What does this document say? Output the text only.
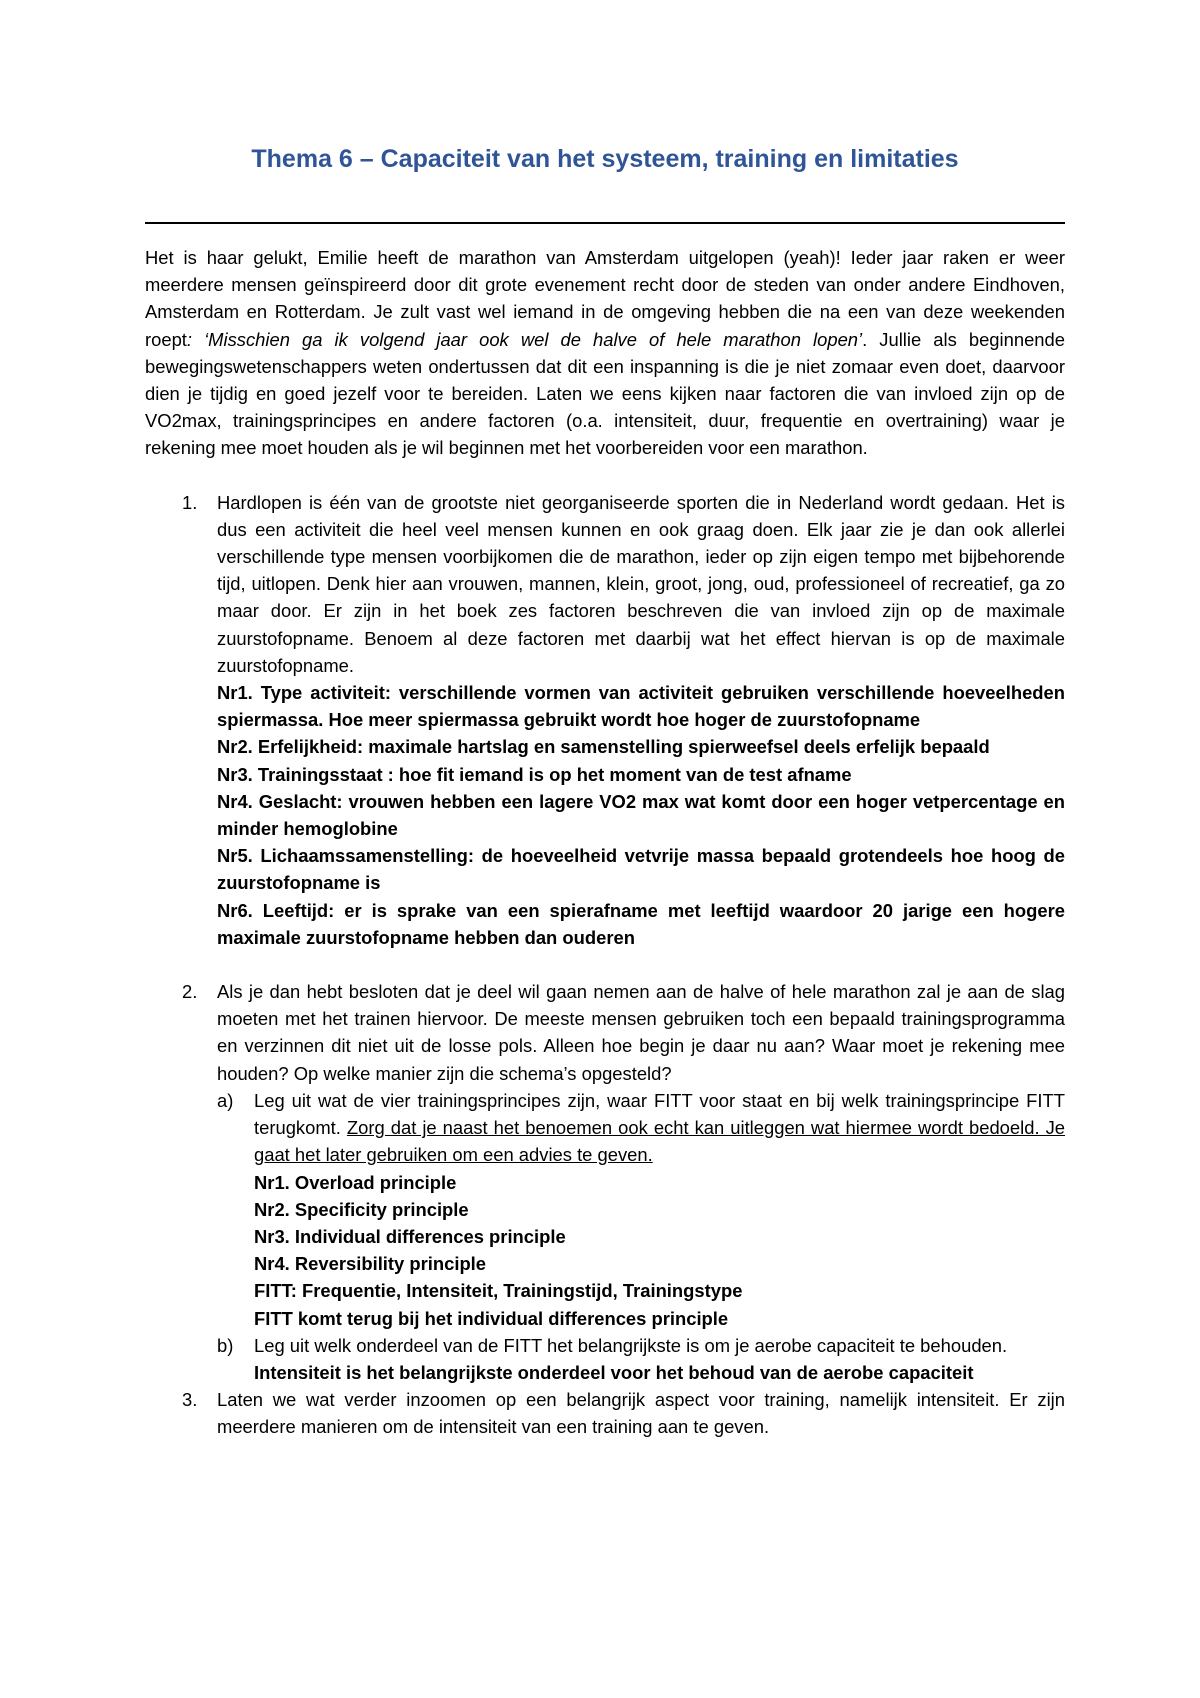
Thema 6 – Capaciteit van het systeem, training en limitaties

Het is haar gelukt, Emilie heeft de marathon van Amsterdam uitgelopen (yeah)! Ieder jaar raken er weer meerdere mensen geïnspireerd door dit grote evenement recht door de steden van onder andere Eindhoven, Amsterdam en Rotterdam. Je zult vast wel iemand in de omgeving hebben die na een van deze weekenden roept: ‘Misschien ga ik volgend jaar ook wel de halve of hele marathon lopen’. Jullie als beginnende bewegingswetenschappers weten ondertussen dat dit een inspanning is die je niet zomaar even doet, daarvoor dien je tijdig en goed jezelf voor te bereiden. Laten we eens kijken naar factoren die van invloed zijn op de VO2max, trainingsprincipes en andere factoren (o.a. intensiteit, duur, frequentie en overtraining) waar je rekening mee moet houden als je wil beginnen met het voorbereiden voor een marathon.

1. Hardlopen is één van de grootste niet georganiseerde sporten die in Nederland wordt gedaan. Het is dus een activiteit die heel veel mensen kunnen en ook graag doen. Elk jaar zie je dan ook allerlei verschillende type mensen voorbijkomen die de marathon, ieder op zijn eigen tempo met bijbehorende tijd, uitlopen. Denk hier aan vrouwen, mannen, klein, groot, jong, oud, professioneel of recreatief, ga zo maar door. Er zijn in het boek zes factoren beschreven die van invloed zijn op de maximale zuurstofopname. Benoem al deze factoren met daarbij wat het effect hiervan is op de maximale zuurstofopname.

Nr1. Type activiteit: verschillende vormen van activiteit gebruiken verschillende hoeveelheden spiermassa. Hoe meer spiermassa gebruikt wordt hoe hoger de zuurstofopname

Nr2. Erfelijkheid: maximale hartslag en samenstelling spierweefsel deels erfelijk bepaald

Nr3. Trainingsstaat : hoe fit iemand is op het moment van de test afname

Nr4. Geslacht: vrouwen hebben een lagere VO2 max wat komt door een hoger vetpercentage en minder hemoglobine

Nr5. Lichaamssamenstelling: de hoeveelheid vetvrije massa bepaald grotendeels hoe hoog de zuurstofopname is

Nr6. Leeftijd: er is sprake van een spierafname met leeftijd waardoor 20 jarige een hogere maximale zuurstofopname hebben dan ouderen

2. Als je dan hebt besloten dat je deel wil gaan nemen aan de halve of hele marathon zal je aan de slag moeten met het trainen hiervoor. De meeste mensen gebruiken toch een bepaald trainingsprogramma en verzinnen dit niet uit de losse pols. Alleen hoe begin je daar nu aan? Waar moet je rekening mee houden? Op welke manier zijn die schema’s opgesteld?

a) Leg uit wat de vier trainingsprincipes zijn, waar FITT voor staat en bij welk trainingsprincipe FITT terugkomt. Zorg dat je naast het benoemen ook echt kan uitleggen wat hiermee wordt bedoeld. Je gaat het later gebruiken om een advies te geven.

Nr1. Overload principle

Nr2. Specificity principle

Nr3. Individual differences principle

Nr4. Reversibility principle

FITT: Frequentie, Intensiteit, Trainingstijd, Trainingstype

FITT komt terug bij het individual differences principle

b) Leg uit welk onderdeel van de FITT het belangrijkste is om je aerobe capaciteit te behouden.

Intensiteit is het belangrijkste onderdeel voor het behoud van de aerobe capaciteit

3. Laten we wat verder inzoomen op een belangrijk aspect voor training, namelijk intensiteit. Er zijn meerdere manieren om de intensiteit van een training aan te geven.
